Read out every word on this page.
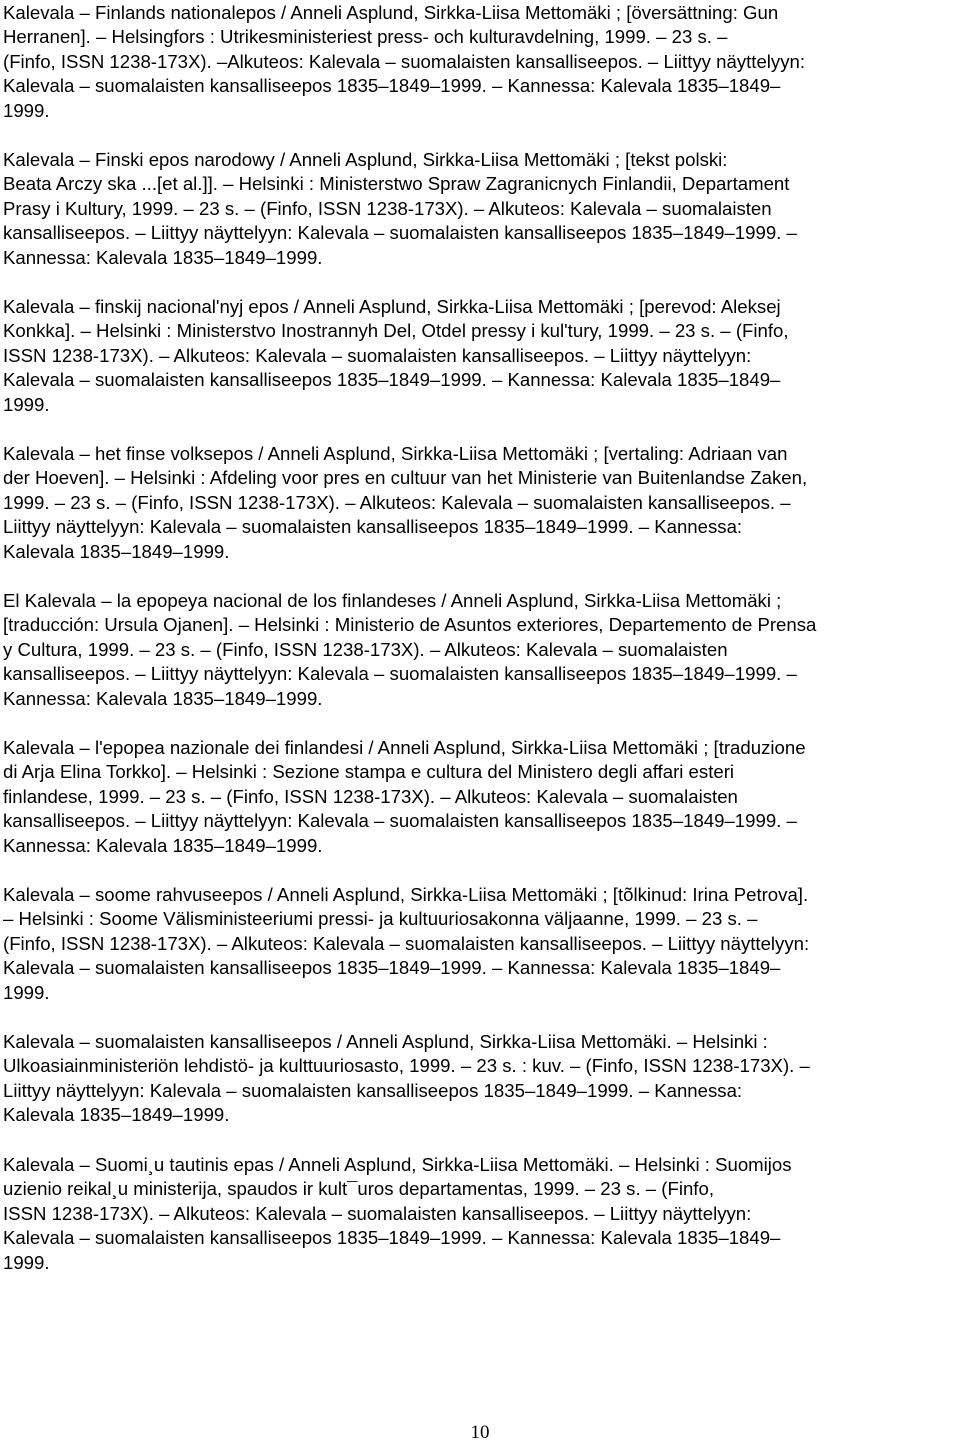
Kalevala – Finlands nationalepos / Anneli Asplund, Sirkka-Liisa Mettomäki ; [översättning: Gun
Herranen]. – Helsingfors : Utrikesministeriest press- och kulturavdelning, 1999. – 23 s. –
(Finfo, ISSN 1238-173X). –Alkuteos: Kalevala – suomalaisten kansalliseepos. – Liittyy näyttelyyn:
Kalevala – suomalaisten kansalliseepos 1835–1849–1999. – Kannessa: Kalevala 1835–1849–
1999.

Kalevala – Finski epos narodowy / Anneli Asplund, Sirkka-Liisa Mettomäki ; [tekst polski:
Beata Arczy ska ...[et al.]]. – Helsinki : Ministerstwo Spraw Zagranicnych Finlandii, Departament
Prasy i Kultury, 1999. – 23 s. – (Finfo, ISSN 1238-173X). – Alkuteos: Kalevala – suomalaisten
kansalliseepos. – Liittyy näyttelyyn: Kalevala – suomalaisten kansalliseepos 1835–1849–1999. –
Kannessa: Kalevala 1835–1849–1999.

Kalevala – finskij nacional'nyj epos / Anneli Asplund, Sirkka-Liisa Mettomäki ; [perevod: Aleksej
Konkka]. – Helsinki : Ministerstvo Inostrannyh Del, Otdel pressy i kul'tury, 1999. – 23 s. – (Finfo,
ISSN 1238-173X). – Alkuteos: Kalevala – suomalaisten kansalliseepos. – Liittyy näyttelyyn:
Kalevala – suomalaisten kansalliseepos 1835–1849–1999. – Kannessa: Kalevala 1835–1849–
1999.

Kalevala – het finse volksepos / Anneli Asplund, Sirkka-Liisa Mettomäki ; [vertaling: Adriaan van
der Hoeven]. – Helsinki : Afdeling voor pres en cultuur van het Ministerie van Buitenlandse Zaken,
1999. – 23 s. – (Finfo, ISSN 1238-173X). – Alkuteos: Kalevala – suomalaisten kansalliseepos. –
Liittyy näyttelyyn: Kalevala – suomalaisten kansalliseepos 1835–1849–1999. – Kannessa:
Kalevala 1835–1849–1999.

El Kalevala – la epopeya nacional de los finlandeses / Anneli Asplund, Sirkka-Liisa Mettomäki ;
[traducción: Ursula Ojanen]. – Helsinki : Ministerio de Asuntos exteriores, Departemento de Prensa
y Cultura, 1999. – 23 s. – (Finfo, ISSN 1238-173X). – Alkuteos: Kalevala – suomalaisten
kansalliseepos. – Liittyy näyttelyyn: Kalevala – suomalaisten kansalliseepos 1835–1849–1999. –
Kannessa: Kalevala 1835–1849–1999.

Kalevala – l'epopea nazionale dei finlandesi / Anneli Asplund, Sirkka-Liisa Mettomäki ; [traduzione
di Arja Elina Torkko]. – Helsinki : Sezione stampa e cultura del Ministero degli affari esteri
finlandese, 1999. – 23 s. – (Finfo, ISSN 1238-173X). – Alkuteos: Kalevala – suomalaisten
kansalliseepos. – Liittyy näyttelyyn: Kalevala – suomalaisten kansalliseepos 1835–1849–1999. –
Kannessa: Kalevala 1835–1849–1999.

Kalevala – soome rahvuseepos / Anneli Asplund, Sirkka-Liisa Mettomäki ; [tõlkinud: Irina Petrova].
– Helsinki : Soome Välisministeeriumi pressi- ja kultuuriosakonna väljaanne, 1999. – 23 s. –
(Finfo, ISSN 1238-173X). – Alkuteos: Kalevala – suomalaisten kansalliseepos. – Liittyy näyttelyyn:
Kalevala – suomalaisten kansalliseepos 1835–1849–1999. – Kannessa: Kalevala 1835–1849–
1999.

Kalevala – suomalaisten kansalliseepos / Anneli Asplund, Sirkka-Liisa Mettomäki. – Helsinki :
Ulkoasiainministeriön lehdistö- ja kulttuuriosasto, 1999. – 23 s. : kuv. – (Finfo, ISSN 1238-173X). –
Liittyy näyttelyyn: Kalevala – suomalaisten kansalliseepos 1835–1849–1999. – Kannessa:
Kalevala 1835–1849–1999.

Kalevala – Suomi¸u tautinis epas / Anneli Asplund, Sirkka-Liisa Mettomäki. – Helsinki : Suomijos
uzienio reikal¸u ministerija, spaudos ir kult¯uros departamentas, 1999. – 23 s. – (Finfo,
ISSN 1238-173X). – Alkuteos: Kalevala – suomalaisten kansalliseepos. – Liittyy näyttelyyn:
Kalevala – suomalaisten kansalliseepos 1835–1849–1999. – Kannessa: Kalevala 1835–1849–
1999.

10
